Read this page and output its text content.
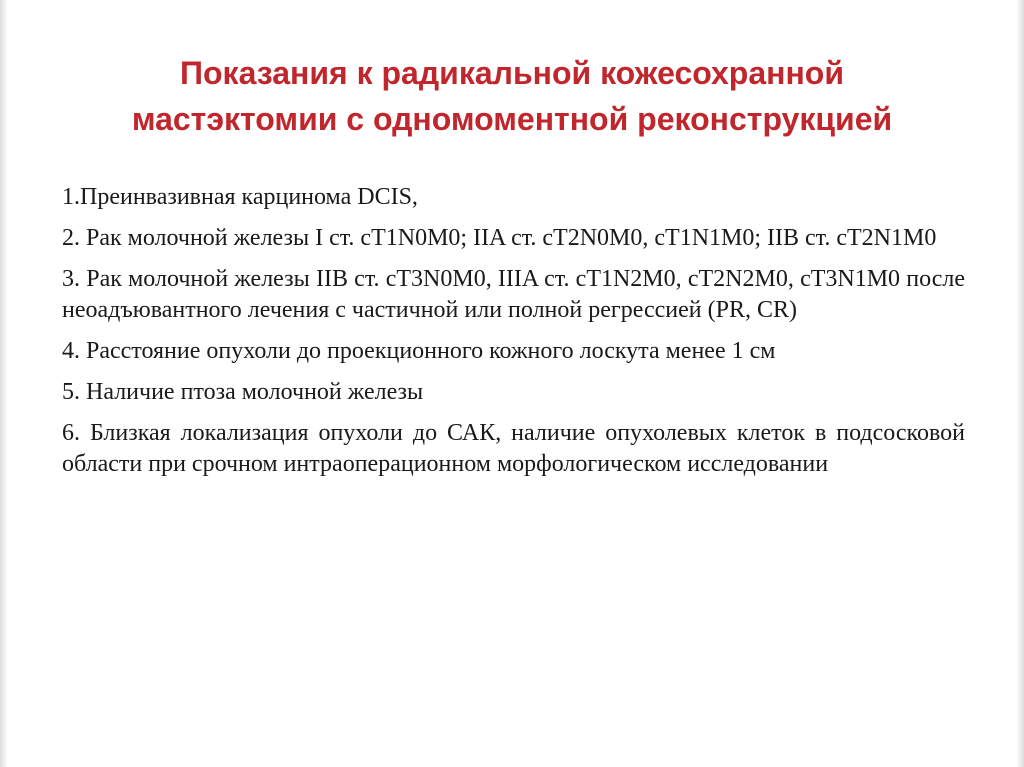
Показания к радикальной кожесохранной
мастэктомии с одномоментной реконструкцией
1.Преинвазивная карцинома DCIS,
2. Рак молочной железы I ст. cT1N0M0; IIA ст. cT2N0M0, cT1N1M0; IIB ст. cT2N1M0
3. Рак молочной железы IIB ст. cT3N0M0, IIIA ст. cT1N2M0, cT2N2M0, cT3N1M0 после неоадъювантного лечения с частичной или полной регрессией (PR, CR)
4. Расстояние опухоли до проекционного кожного лоскута менее 1 см
5. Наличие птоза молочной железы
6. Близкая локализация опухоли до САК, наличие опухолевых клеток в подсосковой области при срочном интраоперационном морфологическом исследовании
